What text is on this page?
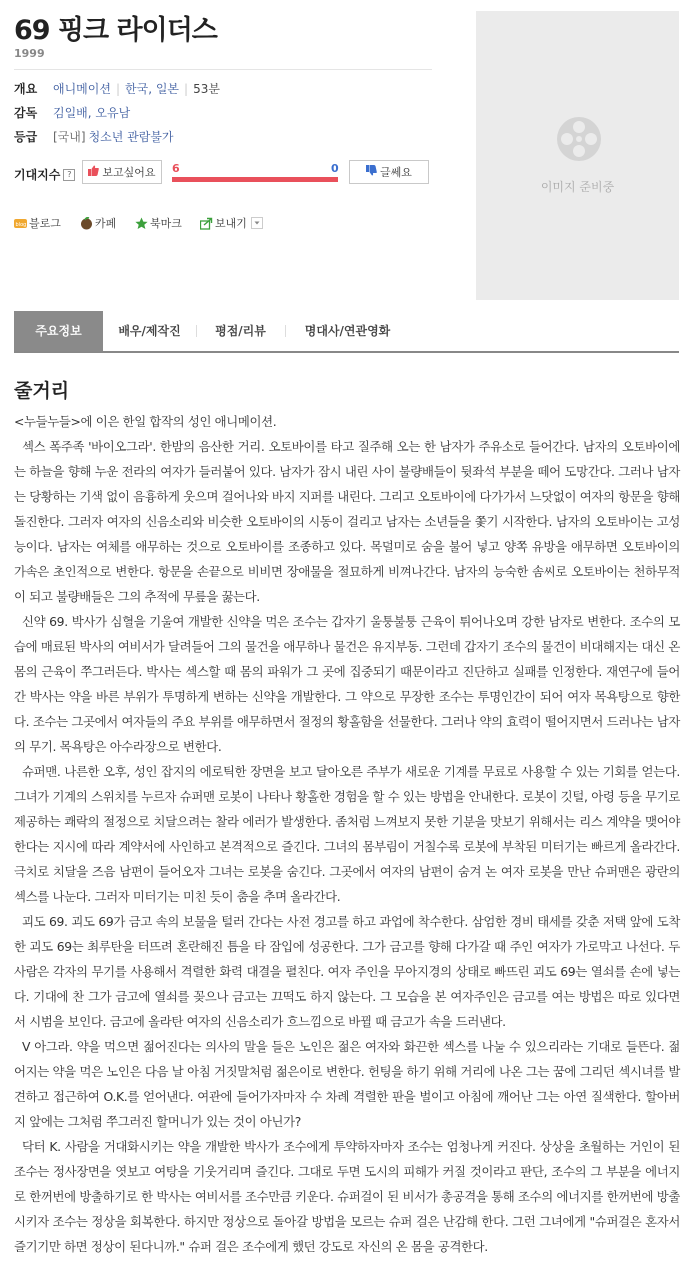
69 핑크 라이더스
1999
개요	애니메이션 | 한국, 일본 | 53분
감독	김일배, 오유남
등급	[국내] 청소년 관람불가
기대지수 ?	보고싶어요 6	0	글쎄요
이미지 준비중
blog 블로그	카페	북마크	보내기
주요정보	배우/제작진	평점/리뷰	명대사/연관영화
줄거리

<누들누들>에 이은 한일 합작의 성인 애니메이션.

섹스 폭주족 '바이오그라'. 한밤의 음산한 거리. 오토바이를 타고 질주해 오는 한 남자가 주유소로 들어간다. 남자의 오토바이에는 하늘을 향해 누운 전라의 여자가 들러붙어 있다. 남자가 잠시 내린 사이 불량배들이 뒷좌석 부분을 떼어 도망간다. 그러나 남자는 당황하는 기색 없이 음흉하게 웃으며 걸어나와 바지 지퍼를 내린다. 그리고 오토바이에 다가가서 느닷없이 여자의 항문을 향해 돌진한다. 그러자 여자의 신음소리와 비슷한 오토바이의 시동이 걸리고 남자는 소년들을 쫓기 시작한다. 남자의 오토바이는 고성능이다. 남자는 여체를 애무하는 것으로 오토바이를 조종하고 있다. 목덜미로 숨을 불어 넣고 양쪽 유방을 애무하면 오토바이의 가속은 초인적으로 변한다. 항문을 손끝으로 비비면 장애물을 절묘하게 비껴나간다. 남자의 능숙한 솜씨로 오토바이는 천하무적이 되고 불량배들은 그의 추적에 무릎을 꿇는다.

신약 69. 박사가 심혈을 기울여 개발한 신약을 먹은 조수는 갑자기 울퉁불퉁 근육이 튀어나오며 강한 남자로 변한다. 조수의 모습에 매료된 박사의 여비서가 달려들어 그의 물건을 애무하나 물건은 유지부동. 그런데 갑자기 조수의 물건이 비대해지는 대신 온 몸의 근육이 쭈그러든다. 박사는 섹스할 때 몸의 파워가 그 곳에 집중되기 때문이라고 진단하고 실패를 인정한다. 재연구에 들어간 박사는 약을 바른 부위가 투명하게 변하는 신약을 개발한다. 그 약으로 무장한 조수는 투명인간이 되어 여자 목욕탕으로 향한다. 조수는 그곳에서 여자들의 주요 부위를 애무하면서 절정의 황홀함을 선물한다. 그러나 약의 효력이 떨어지면서 드러나는 남자의 무기. 목욕탕은 아수라장으로 변한다.

슈퍼맨. 나른한 오후, 성인 잡지의 에로틱한 장면을 보고 달아오른 주부가 새로운 기계를 무료로 사용할 수 있는 기회를 얻는다.그녀가 기계의 스위치를 누르자 슈퍼맨 로봇이 나타나 황홀한 경험을 할 수 있는 방법을 안내한다. 로봇이 깃털, 아령 등을 무기로 제공하는 쾌락의 절정으로 치달으려는 찰라 에러가 발생한다. 좀처럼 느껴보지 못한 기분을 맛보기 위해서는 리스 계약을 맺어야 한다는 지시에 따라 계약서에 사인하고 본격적으로 즐긴다. 그녀의 몸부림이 거칠수록 로봇에 부착된 미터기는 빠르게 올라간다.극치로 치달을 즈음 남편이 들어오자 그녀는 로봇을 숨긴다. 그곳에서 여자의 남편이 숨겨 논 여자 로봇을 만난 슈퍼맨은 광란의 섹스를 나눈다. 그러자 미터기는 미친 듯이 춤을 추며 올라간다.

괴도 69. 괴도 69가 금고 속의 보물을 털러 간다는 사전 경고를 하고 과업에 착수한다. 삼엄한 경비 태세를 갖춘 저택 앞에 도착한 괴도 69는 최루탄을 터뜨려 혼란해진 틈을 타 잠입에 성공한다. 그가 금고를 향해 다가갈 때 주인 여자가 가로막고 나선다. 두 사람은 각자의 무기를 사용해서 격렬한 화력 대결을 펼친다. 여자 주인을 무아지경의 상태로 빠뜨린 괴도 69는 열쇠를 손에 넣는다. 기대에 찬 그가 금고에 열쇠를 꽂으나 금고는 끄떡도 하지 않는다. 그 모습을 본 여자주인은 금고를 여는 방법은 따로 있다면서 시범을 보인다. 금고에 올라탄 여자의 신음소리가 흐느낌으로 바뀔 때 금고가 속을 드러낸다.

V 아그라. 약을 먹으면 젊어진다는 의사의 말을 들은 노인은 젊은 여자와 화끈한 섹스를 나눌 수 있으리라는 기대로 들뜬다. 젊어지는 약을 먹은 노인은 다음 날 아침 거짓말처럼 젊은이로 변한다. 헌팅을 하기 위해 거리에 나온 그는 꿈에 그리던 섹시녀를 발견하고 접근하여 O.K.를 얻어낸다. 여관에 들어가자마자 수 차례 격렬한 판을 벌이고 아침에 깨어난 그는 아연 질색한다. 할아버지 앞에는 그처럼 쭈그러진 할머니가 있는 것이 아닌가?

닥터 K. 사람을 거대화시키는 약을 개발한 박사가 조수에게 투약하자마자 조수는 엄청나게 커진다. 상상을 초월하는 거인이 된 조수는 정사장면을 엿보고 여탕을 기웃거리며 즐긴다. 그대로 두면 도시의 피해가 커질 것이라고 판단, 조수의 그 부분을 에너지로 한꺼번에 방출하기로 한 박사는 여비서를 조수만큼 키운다. 슈퍼걸이 된 비서가 총공격을 통해 조수의 에너지를 한꺼번에 방출시키자 조수는 정상을 회복한다. 하지만 정상으로 돌아갈 방법을 모르는 슈퍼 걸은 난감해 한다. 그런 그녀에게 "슈퍼걸은 혼자서 즐기기만 하면 정상이 된다니까." 슈퍼 걸은 조수에게 했던 강도로 자신의 온 몸을 공격한다.
